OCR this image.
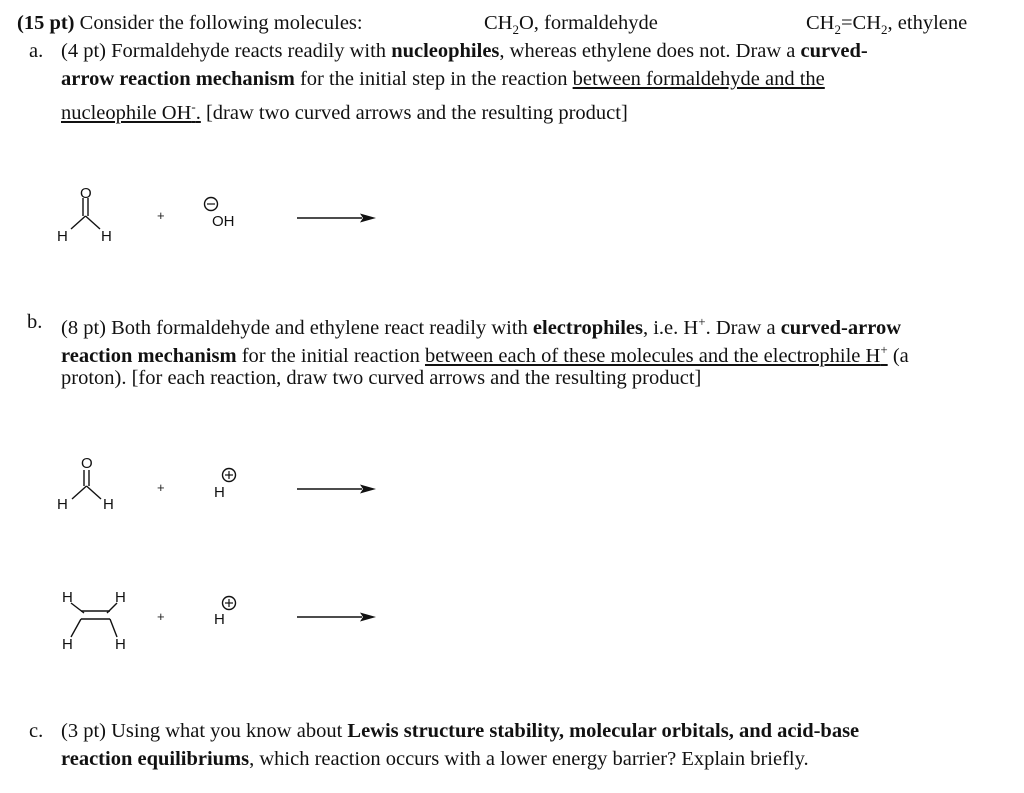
(15 pt) Consider the following molecules:	$CH_2O$, formaldehyde	$CH_2=CH_2$, ethylene
a. (4 pt) Formaldehyde reacts readily with nucleophiles, whereas ethylene does not. Draw a curved-
arrow reaction mechanism for the initial step in the reaction between formaldehyde and the
nucleophile OH-. [draw two curved arrows and the resulting product]
b. (8 pt) Both formaldehyde and ethylene react readily with electrophiles, i.e. H+. Draw a curved-arrow
reaction mechanism for the initial reaction between each of these molecules and the electrophile H+ (a
proton). [for each reaction, draw two curved arrows and the resulting product]
c. (3 pt) Using what you know about Lewis structure stability, molecular orbitals, and acid-base
reaction equilibriums, which reaction occurs with a lower energy barrier? Explain briefly.
O
H H
+	OH
O
H H
+	H
H	H
H	H
+	H
